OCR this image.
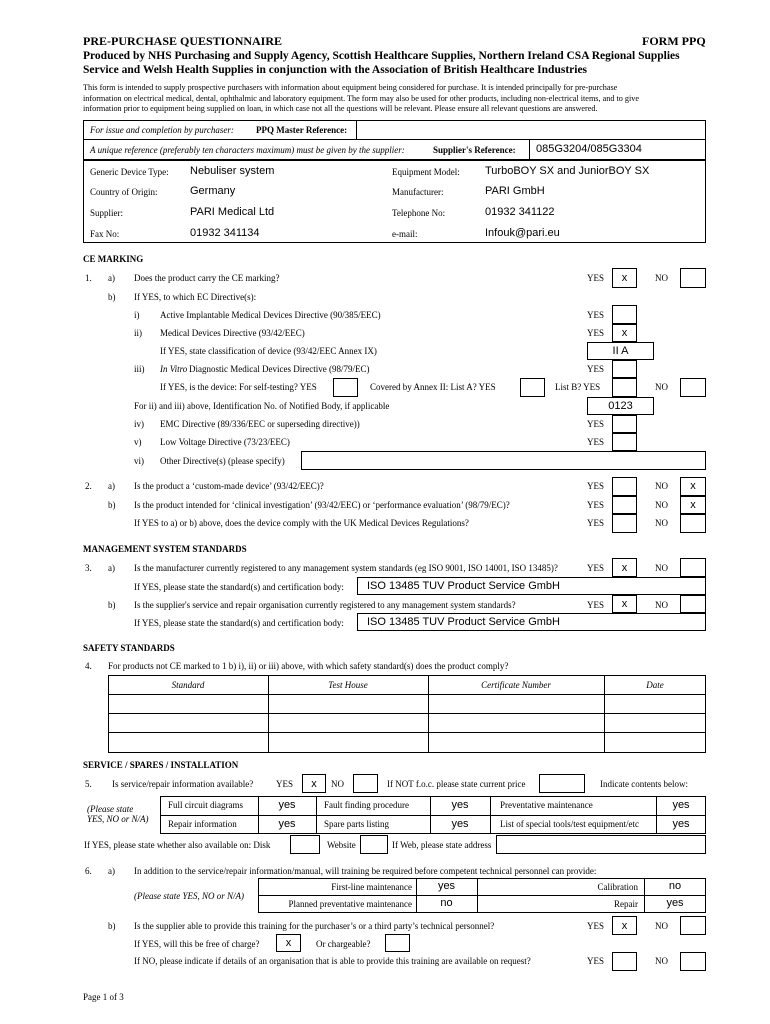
PRE-PURCHASE QUESTIONNAIRE	FORM PPQ
Produced by NHS Purchasing and Supply Agency, Scottish Healthcare Supplies, Northern Ireland CSA Regional Supplies
Service and Welsh Health Supplies in conjunction with the Association of British Healthcare Industries
This form is intended to supply prospective purchasers with information about equipment being considered for purchase. It is intended principally for pre-purchase
information on electrical medical, dental, ophthalmic and laboratory equipment. The form may also be used for other products, including non-electrical items, and to give
information prior to equipment being supplied on loan, in which case not all the questions will be relevant. Please ensure all relevant questions are answered.
For issue and completion by purchaser: PPQ Master Reference:
A unique reference (preferably ten characters maximum) must be given by the supplier:	Supplier's Reference: 085G3204/085G3304
Generic Device Type: Nebuliser system	Equipment Model: TurboBOY SX and JuniorBOY SX
Country of Origin:	Germany	Manufacturer:	PARI GmbH
Supplier:	PARI Medical Ltd	Telephone No:	01932 341122
Fax No:	01932 341134	e-mail:	Infouk@pari.eu
CE MARKING
1. a) Does the product carry the CE marking?	YES	x	NO
b) If YES, to which EC Directive(s):
i) Active Implantable Medical Devices Directive (90/385/EEC)	YES
ii) Medical Devices Directive (93/42/EEC)	YES	x
If YES, state classification of device (93/42/EEC Annex IX)	II A
iii) In Vitro Diagnostic Medical Devices Directive (98/79/EC)	YES
If YES, is the device: For self-testing? YES	Covered by Annex II: List A? YES	List B? YES	NO
For ii) and iii) above, Identification No. of Notified Body, if applicable	0123
iv) EMC Directive (89/336/EEC or superseding directive))	YES
v) Low Voltage Directive (73/23/EEC)	YES
vi) Other Directive(s) (please specify)
2. a) Is the product a ‘custom-made device’ (93/42/EEC)?	YES	NO	x
b) Is the product intended for ‘clinical investigation’ (93/42/EEC) or ‘performance evaluation’ (98/79/EC)?	YES	NO	x
If YES to a) or b) above, does the device comply with the UK Medical Devices Regulations?	YES	NO
MANAGEMENT SYSTEM STANDARDS
3. a) Is the manufacturer currently registered to any management system standards (eg ISO 9001, ISO 14001, ISO 13485)?	YES	x	NO
If YES, please state the standard(s) and certification body: ISO 13485 TUV Product Service GmbH
b) Is the supplier's service and repair organisation currently registered to any management system standards?	YES	x	NO
If YES, please state the standard(s) and certification body: ISO 13485 TUV Product Service GmbH
SAFETY STANDARDS
4. For products not CE marked to 1 b) i), ii) or iii) above, with which safety standard(s) does the product comply?
Standard	Test House	Certificate Number	Date
SERVICE / SPARES / INSTALLATION
5. Is service/repair information available?	YES	x	NO	If NOT f.o.c. please state current price	Indicate contents below:
(Please state
YES, NO or N/A)
Full circuit diagrams	yes	Fault finding procedure	yes	Preventative maintenance	yes
Repair information	yes	Spare parts listing	yes	List of special tools/test equipment/etc	yes
If YES, please state whether also available on: Disk	Website	If Web, please state address
6. a) In addition to the service/repair information/manual, will training be required before competent technical personnel can provide:
(Please state YES, NO or N/A)
First-line maintenance	yes	Calibration	no
Planned preventative maintenance	no	Repair	yes
b) Is the supplier able to provide this training for the purchaser’s or a third party’s technical personnel?	YES	x	NO
If YES, will this be free of charge?	x	Or chargeable?
If NO, please indicate if details of an organisation that is able to provide this training are available on request?	YES	NO
Page 1 of 3
